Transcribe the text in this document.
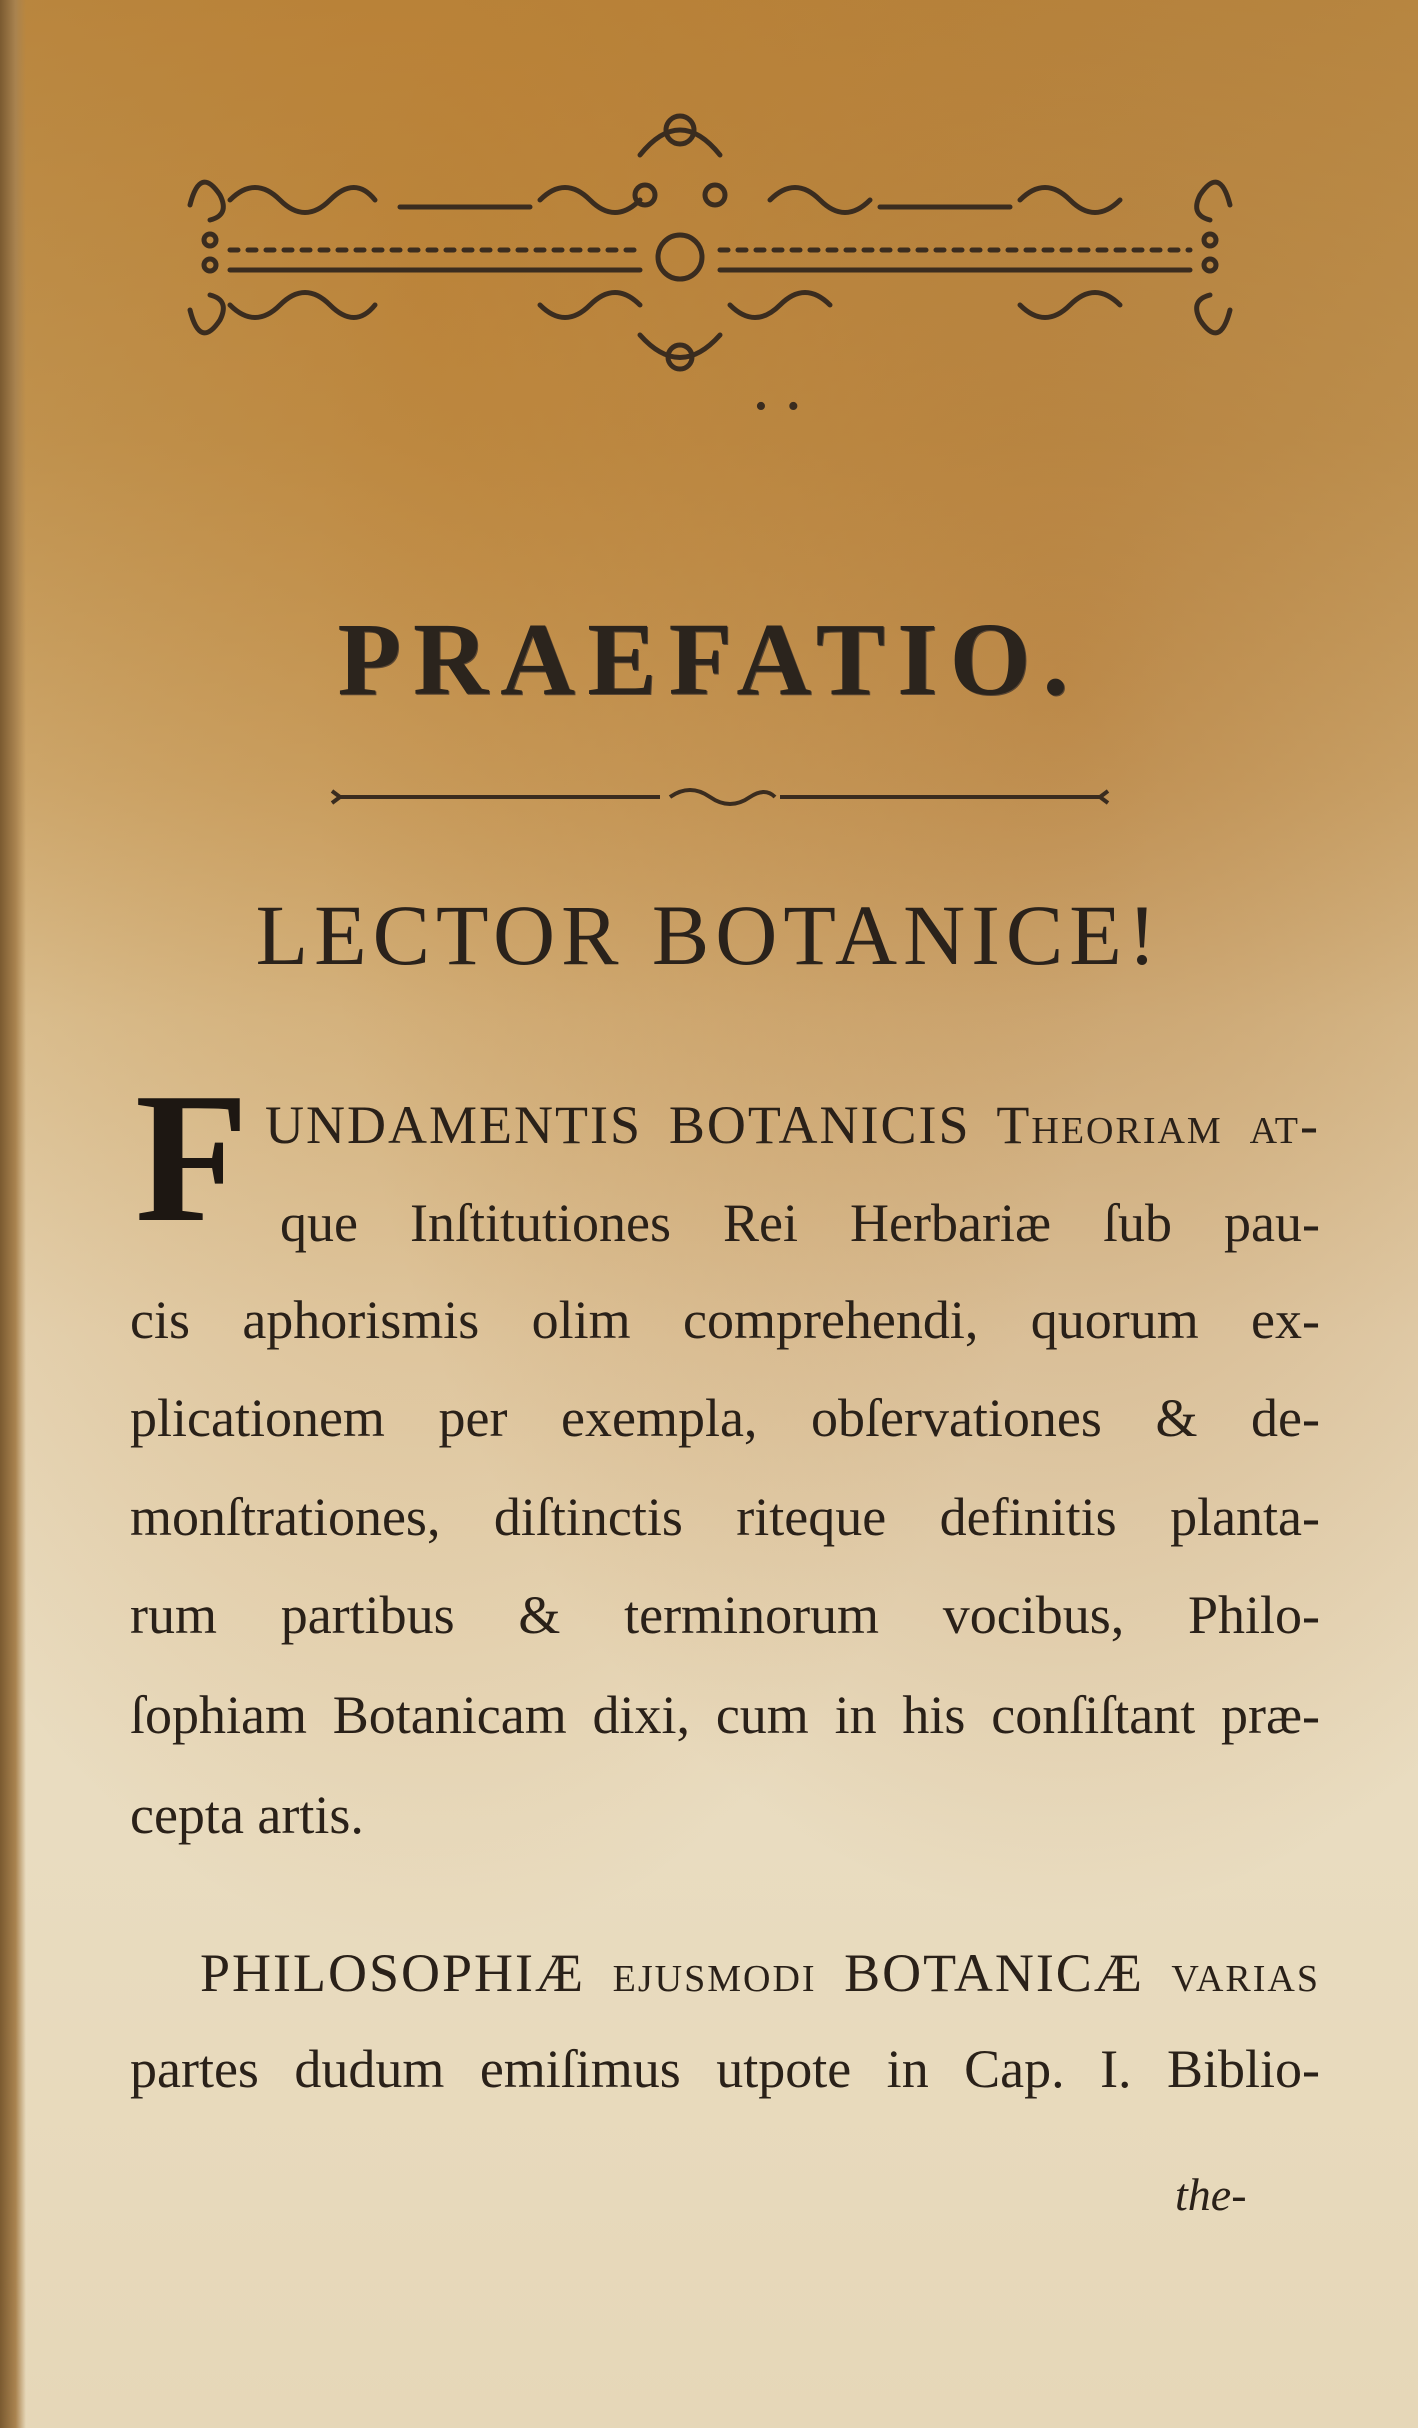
• •
PRAEFATIO.
LECTOR BOTANICE!
F UNDAMENTIS BOTANICIS Theoriam at-
que Inſtitutiones Rei Herbariæ ſub pau-
cis aphorismis olim comprehendi, quorum ex-
plicationem per exempla, obſervationes & de-
monſtrationes, diſtinctis riteque definitis planta-
rum partibus & terminorum vocibus, Philo-
ſophiam Botanicam dixi, cum in his conſiſtant præ-
cepta artis.
PHILOSOPHIÆ ejusmodi BOTANICÆ varias
partes dudum emiſimus utpote in Cap. I. Biblio-
the-
